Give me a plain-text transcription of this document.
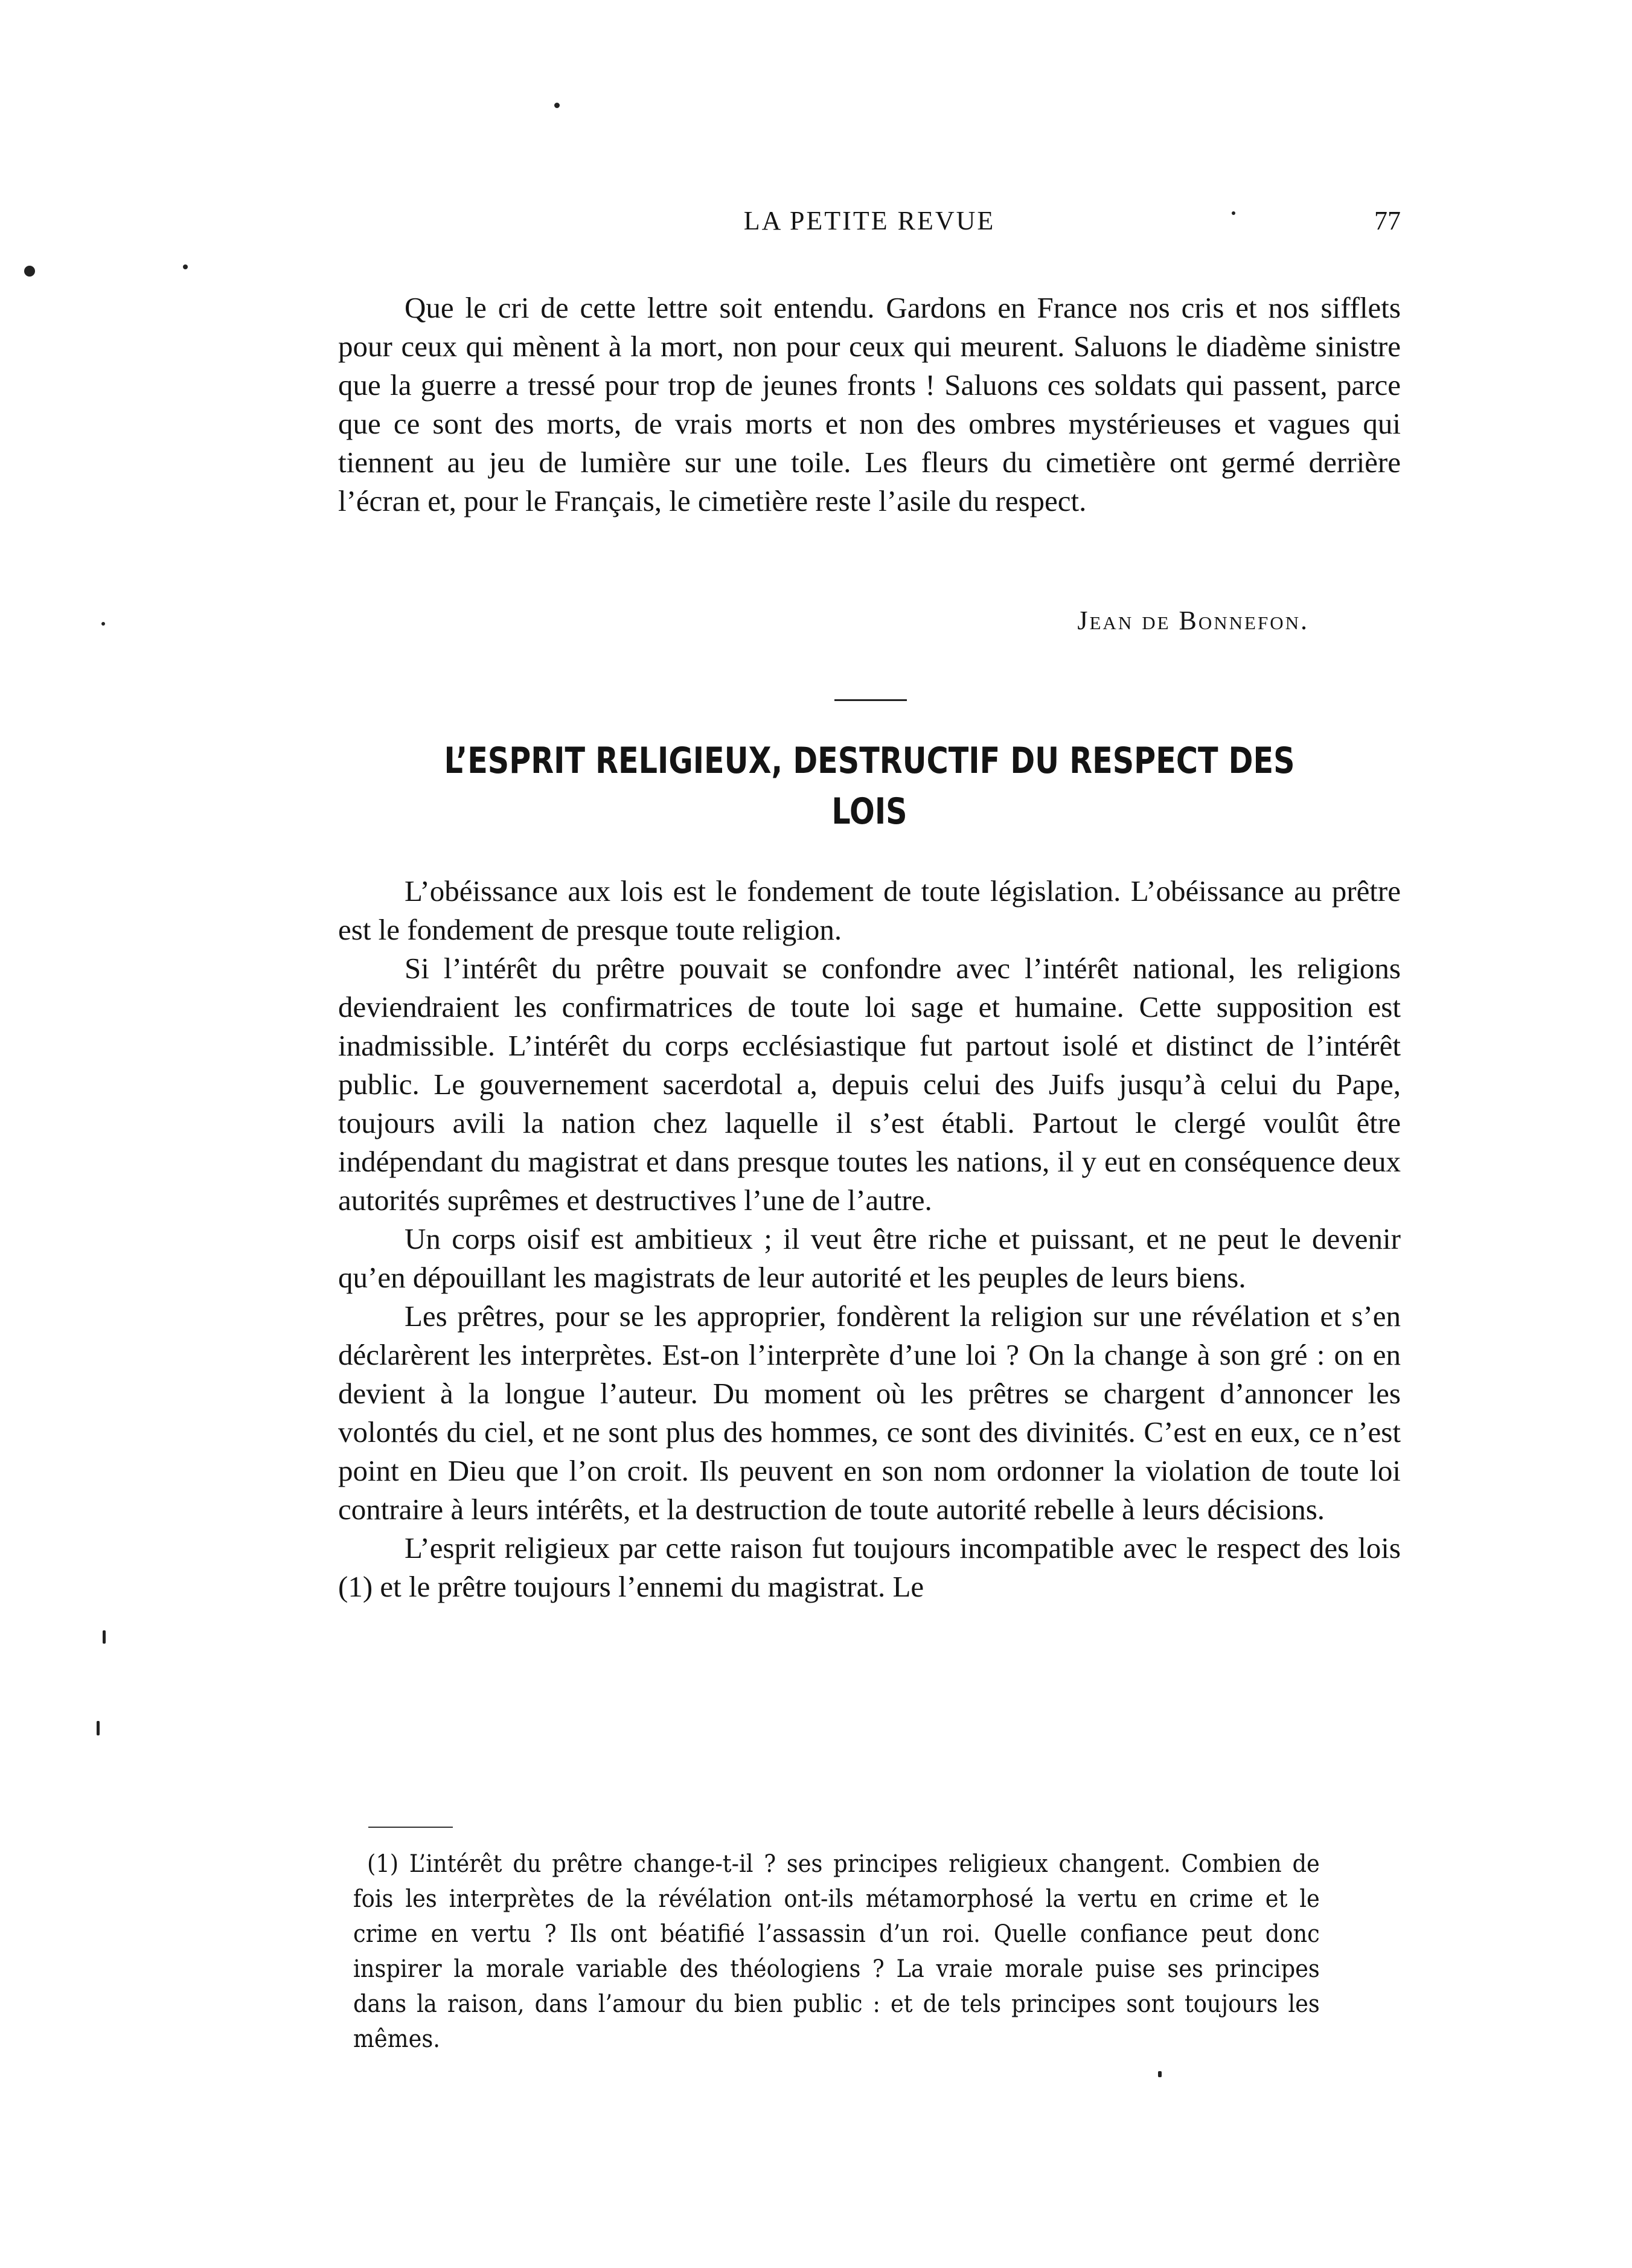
LA PETITE REVUE	77

Que le cri de cette lettre soit entendu. Gardons en France nos cris et nos sifflets pour ceux qui mènent à la mort, non pour ceux qui meurent. Saluons le diadème sinistre que la guerre a tressé pour trop de jeunes fronts ! Saluons ces soldats qui passent, parce que ce sont des morts, de vrais morts et non des ombres mystérieuses et vagues qui tiennent au jeu de lumière sur une toile. Les fleurs du cimetière ont germé derrière l’écran et, pour le Français, le cimetière reste l’asile du respect.

Jean de Bonnefon.
L’ESPRIT RELIGIEUX, DESTRUCTIF DU RESPECT DES LOIS

L’obéissance aux lois est le fondement de toute législation. L’obéissance au prêtre est le fondement de presque toute religion.

Si l’intérêt du prêtre pouvait se confondre avec l’intérêt national, les religions deviendraient les confirmatrices de toute loi sage et humaine. Cette supposition est inadmissible. L’intérêt du corps ecclésiastique fut partout isolé et distinct de l’intérêt public. Le gouvernement sacerdotal a, depuis celui des Juifs jusqu’à celui du Pape, toujours avili la nation chez laquelle il s’est établi. Partout le clergé voulût être indépendant du magistrat et dans presque toutes les nations, il y eut en conséquence deux autorités suprêmes et destructives l’une de l’autre.

Un corps oisif est ambitieux ; il veut être riche et puissant, et ne peut le devenir qu’en dépouillant les magistrats de leur autorité et les peuples de leurs biens.

Les prêtres, pour se les approprier, fondèrent la religion sur une révélation et s’en déclarèrent les interprètes. Est-on l’interprète d’une loi ? On la change à son gré : on en devient à la longue l’auteur. Du moment où les prêtres se chargent d’annoncer les volontés du ciel, et ne sont plus des hommes, ce sont des divinités. C’est en eux, ce n’est point en Dieu que l’on croit. Ils peuvent en son nom ordonner la violation de toute loi contraire à leurs intérêts, et la destruction de toute autorité rebelle à leurs décisions.

L’esprit religieux par cette raison fut toujours incompatible avec le respect des lois (1) et le prêtre toujours l’ennemi du magistrat. Le

(1) L’intérêt du prêtre change-t-il ? ses principes religieux changent. Combien de fois les interprètes de la révélation ont-ils métamorphosé la vertu en crime et le crime en vertu ? Ils ont béatifié l’assassin d’un roi. Quelle confiance peut donc inspirer la morale variable des théologiens ? La vraie morale puise ses principes dans la raison, dans l’amour du bien public : et de tels principes sont toujours les mêmes.
